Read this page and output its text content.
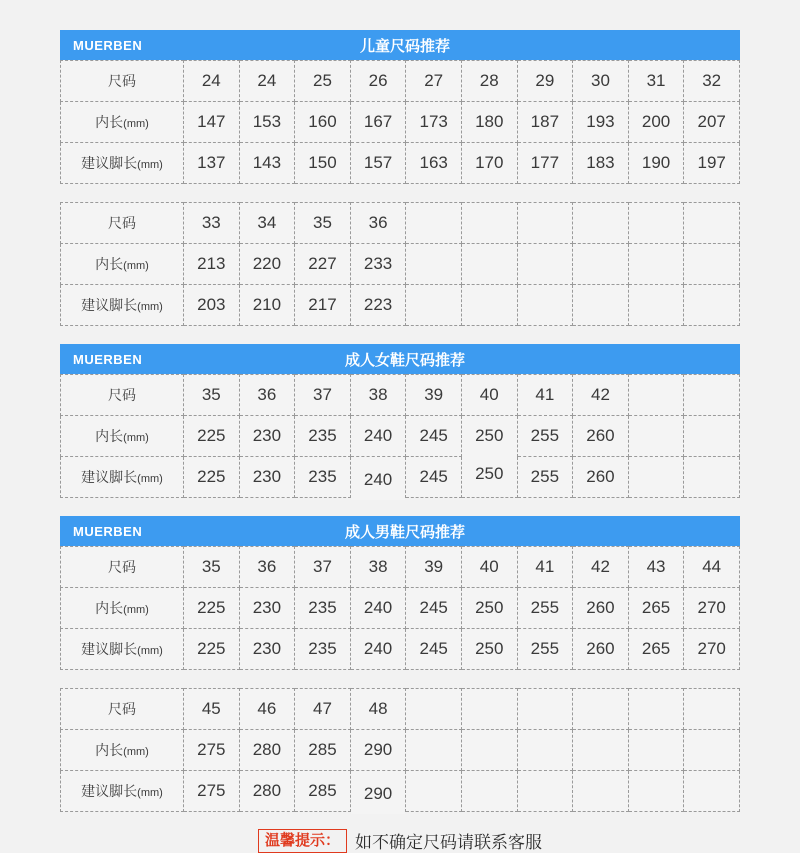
MUERBEN	儿童尺码推荐
尺码	24	24	25	26	27	28	29	30	31	32
内长(mm)	147	153	160	167	173	180	187	193	200	207
建议脚长(mm)	137	143	150	157	163	170	177	183	190	197
尺码	33	34	35	36						
内长(mm)	213	220	227	233						
建议脚长(mm)	203	210	217	223						
MUERBEN	成人女鞋尺码推荐
尺码	35	36	37	38	39	40	41	42		
内长(mm)	225	230	235	240	245	250	255	260		
建议脚长(mm)	225	230	235	240	245	250	255	260		
MUERBEN	成人男鞋尺码推荐
尺码	35	36	37	38	39	40	41	42	43	44
内长(mm)	225	230	235	240	245	250	255	260	265	270
建议脚长(mm)	225	230	235	240	245	250	255	260	265	270
尺码	45	46	47	48						
内长(mm)	275	280	285	290						
建议脚长(mm)	275	280	285	290						
温馨提示： 如不确定尺码请联系客服
